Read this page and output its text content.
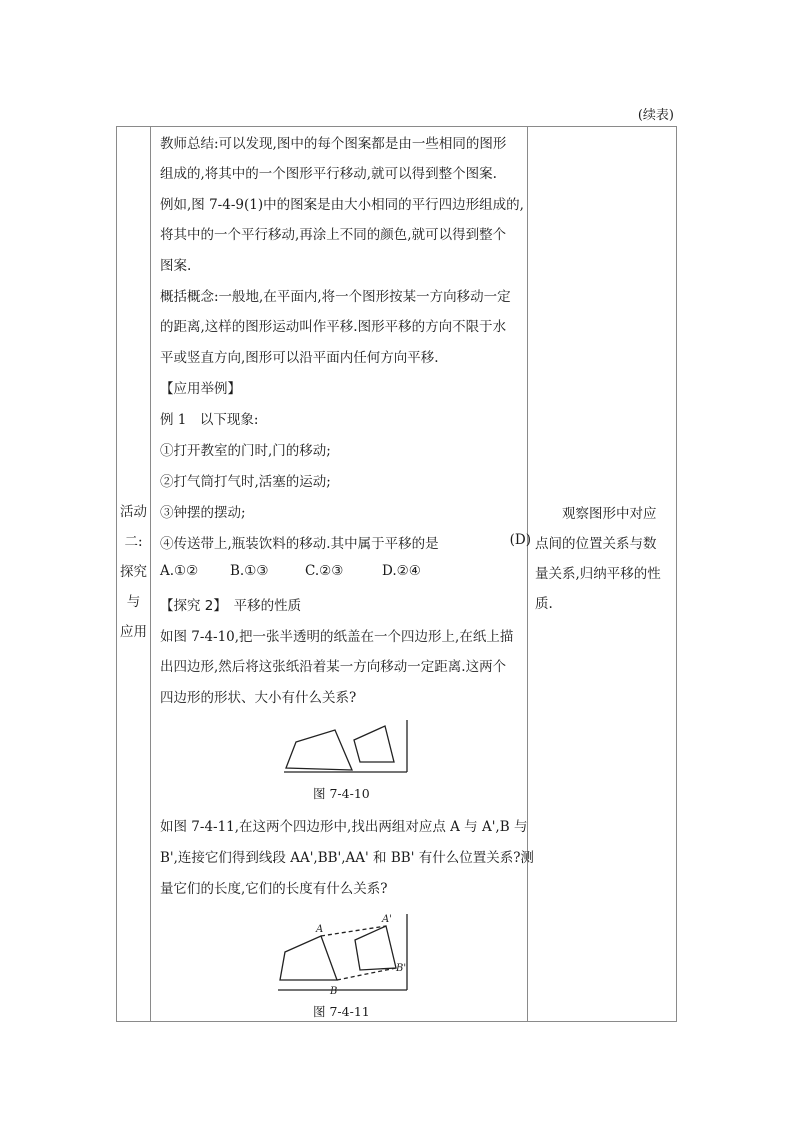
(续表)
活动
二:
探究
与
应用
教师总结:可以发现,图中的每个图案都是由一些相同的图形
组成的,将其中的一个图形平行移动,就可以得到整个图案.
例如,图 7-4-9(1)中的图案是由大小相同的平行四边形组成的,
将其中的一个平行移动,再涂上不同的颜色,就可以得到整个
图案.
概括概念:一般地,在平面内,将一个图形按某一方向移动一定
的距离,这样的图形运动叫作平移.图形平移的方向不限于水
平或竖直方向,图形可以沿平面内任何方向平移.
【应用举例】
例 1　以下现象:
①打开教室的门时,门的移动;
②打气筒打气时,活塞的运动;
③钟摆的摆动;
④传送带上,瓶装饮料的移动.其中属于平移的是	(D)
A.①② B.①③	C.②③	D.②④
【探究 2】　平移的性质
如图 7-4-10,把一张半透明的纸盖在一个四边形上,在纸上描
出四边形,然后将这张纸沿着某一方向移动一定距离.这两个
四边形的形状、大小有什么关系?
图 7-4-10
如图 7-4-11,在这两个四边形中,找出两组对应点 A 与 A',B 与
B',连接它们得到线段 AA',BB',AA' 和 BB' 有什么位置关系?测
量它们的长度,它们的长度有什么关系?
A
A'
B
B'
图 7-4-11
　　观察图形中对应
点间的位置关系与数
量关系,归纳平移的性
质.
